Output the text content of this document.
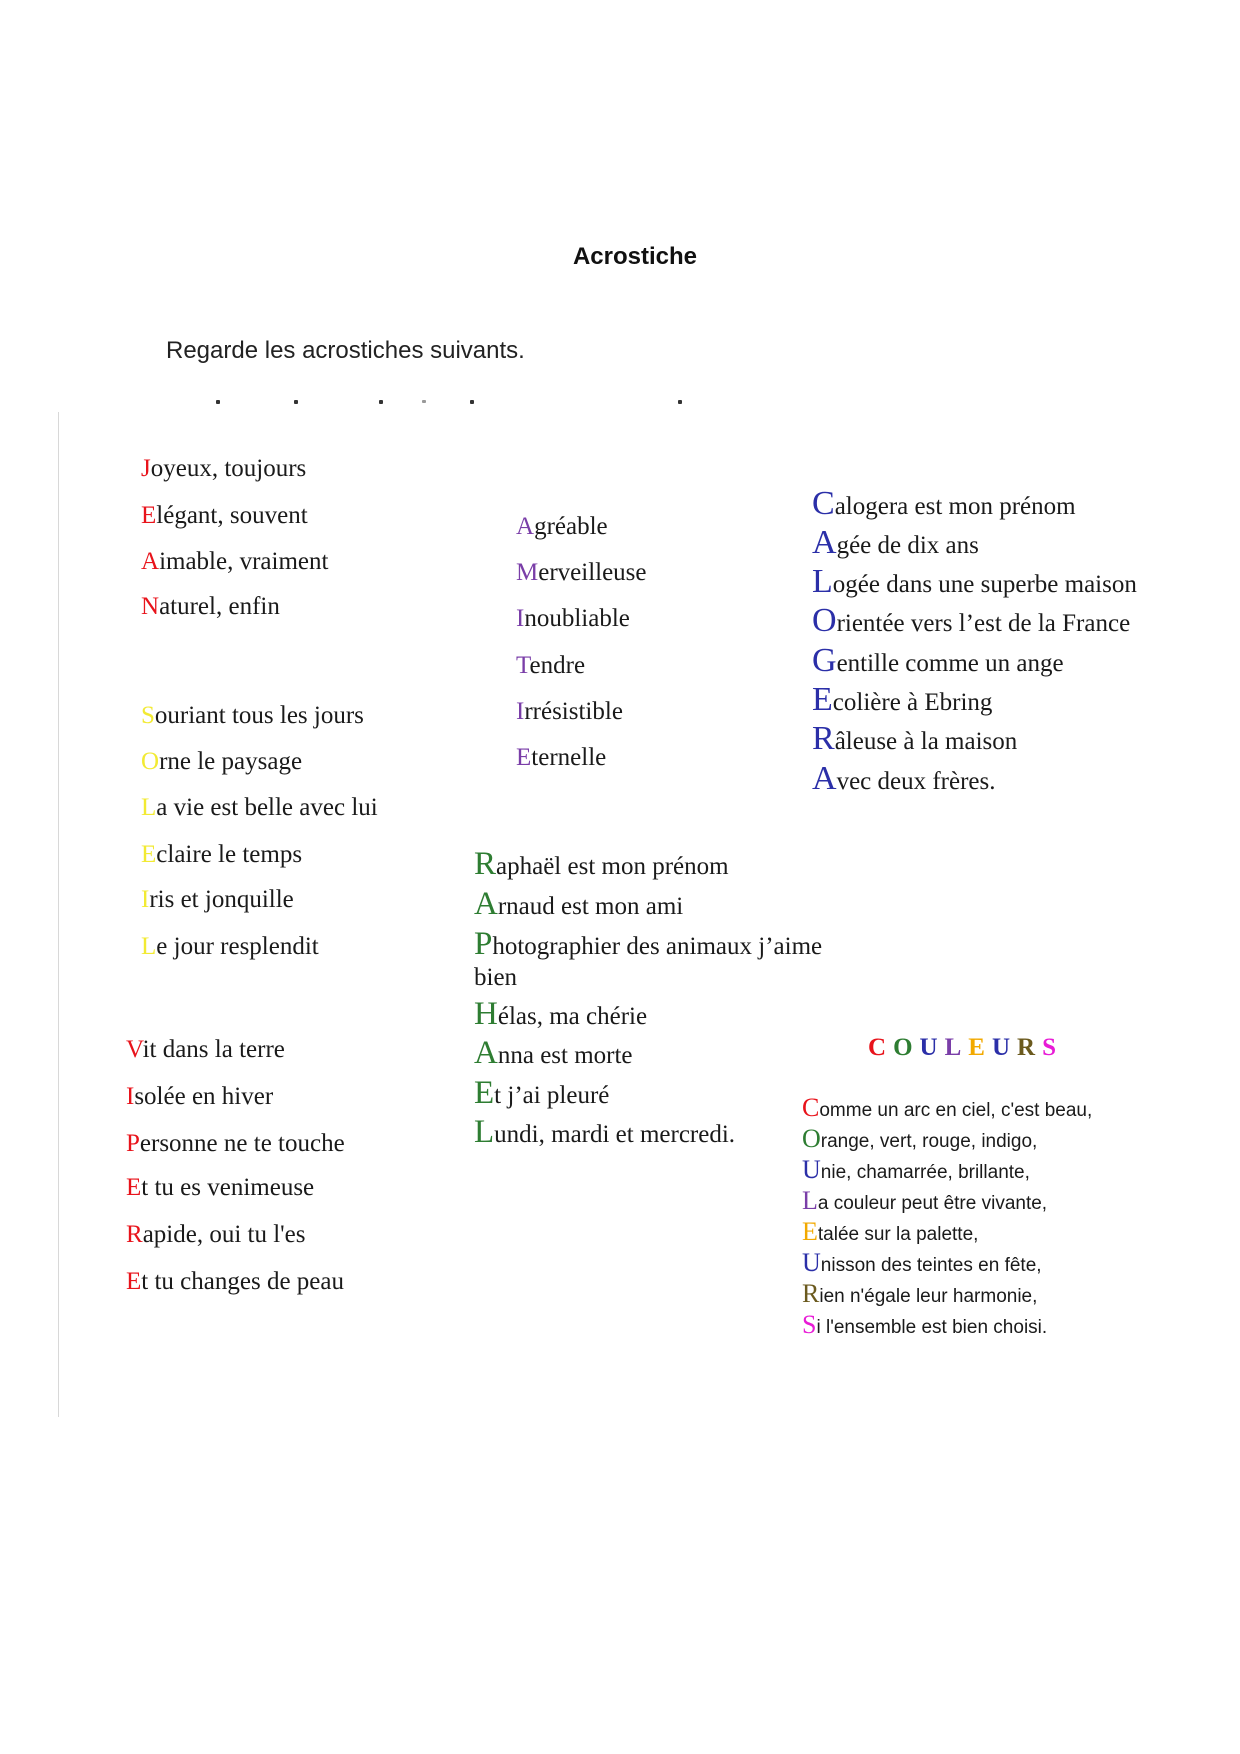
Acrostiche
Regarde les acrostiches suivants.
Joyeux, toujours
Elégant, souvent
Aimable, vraiment
Naturel, enfin
Souriant tous les jours
Orne le paysage
La vie est belle avec lui
Eclaire le temps
Iris et jonquille
Le jour resplendit
Vit dans la terre
Isolée en hiver
Personne ne te touche
Et tu es venimeuse
Rapide, oui tu l'es
Et tu changes de peau
Agréable
Merveilleuse
Inoubliable
Tendre
Irrésistible
Eternelle
Calogera est mon prénom
Agée de dix ans
Logée dans une superbe maison
Orientée vers l’est de la France
Gentille comme un ange
Ecolière à Ebring
Râleuse à la maison
Avec deux frères.
Raphaël est mon prénom
Arnaud est mon ami
Photographier des animaux j’aime
bien
Hélas, ma chérie
Anna est morte
Et j’ai pleuré
Lundi, mardi et mercredi.
COULEURS
Comme un arc en ciel, c'est beau,
Orange, vert, rouge, indigo,
Unie, chamarrée, brillante,
La couleur peut être vivante,
Etalée sur la palette,
Unisson des teintes en fête,
Rien n'égale leur harmonie,
Si l'ensemble est bien choisi.
